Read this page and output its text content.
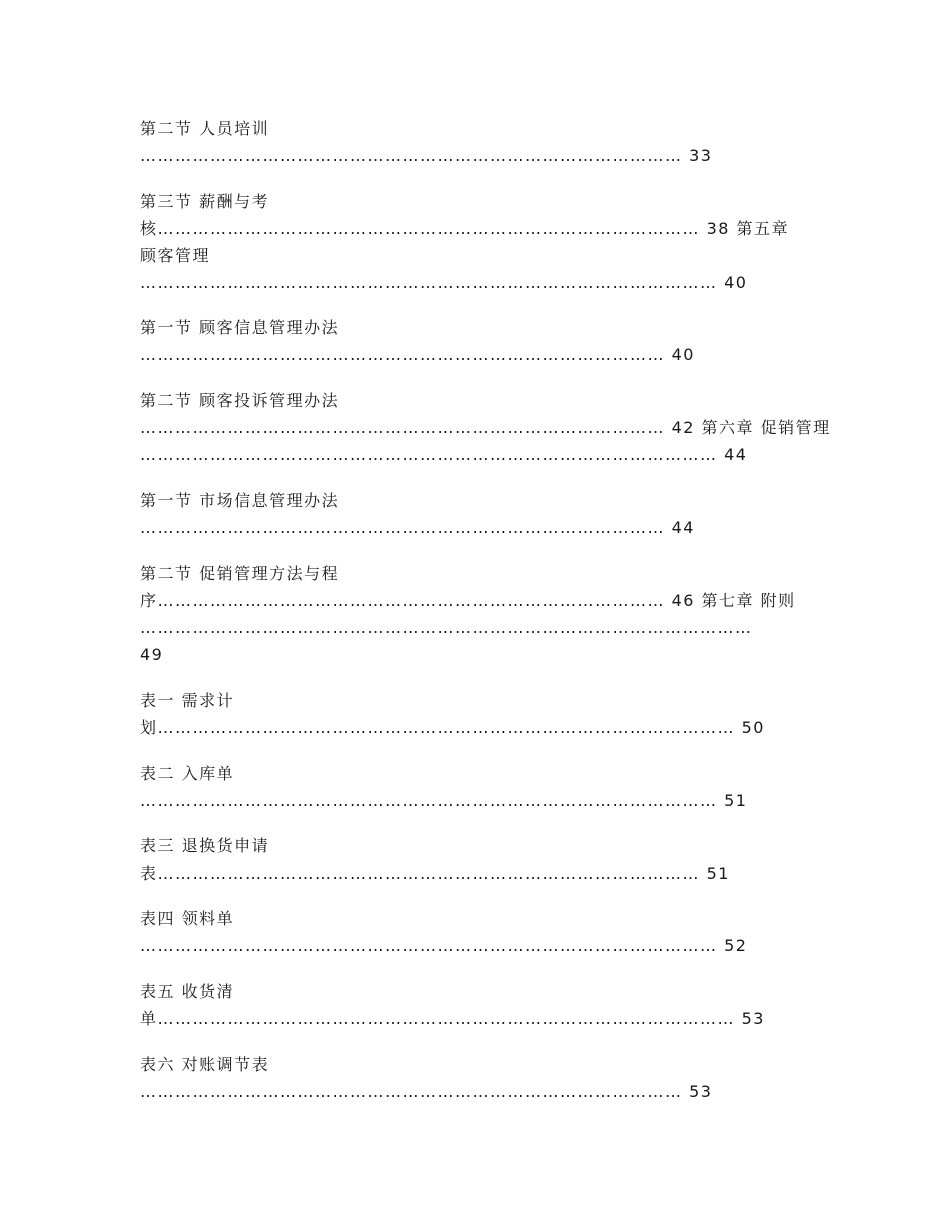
第二节 人员培训
………………………………………………………………………………… 33
第三节 薪酬与考
核………………………………………………………………………………… 38 第五章
顾客管理
……………………………………………………………………………………… 40
第一节 顾客信息管理办法
……………………………………………………………………………… 40
第二节 顾客投诉管理办法
……………………………………………………………………………… 42 第六章 促销管理
……………………………………………………………………………………… 44
第一节 市场信息管理办法
……………………………………………………………………………… 44
第二节 促销管理方法与程
序…………………………………………………………………………… 46 第七章 附则
……………………………………………………………………………………………
49
表一 需求计
划……………………………………………………………………………………… 50
表二 入库单
……………………………………………………………………………………… 51
表三 退换货申请
表………………………………………………………………………………… 51
表四 领料单
……………………………………………………………………………………… 52
表五 收货清
单……………………………………………………………………………………… 53
表六 对账调节表
………………………………………………………………………………… 53
